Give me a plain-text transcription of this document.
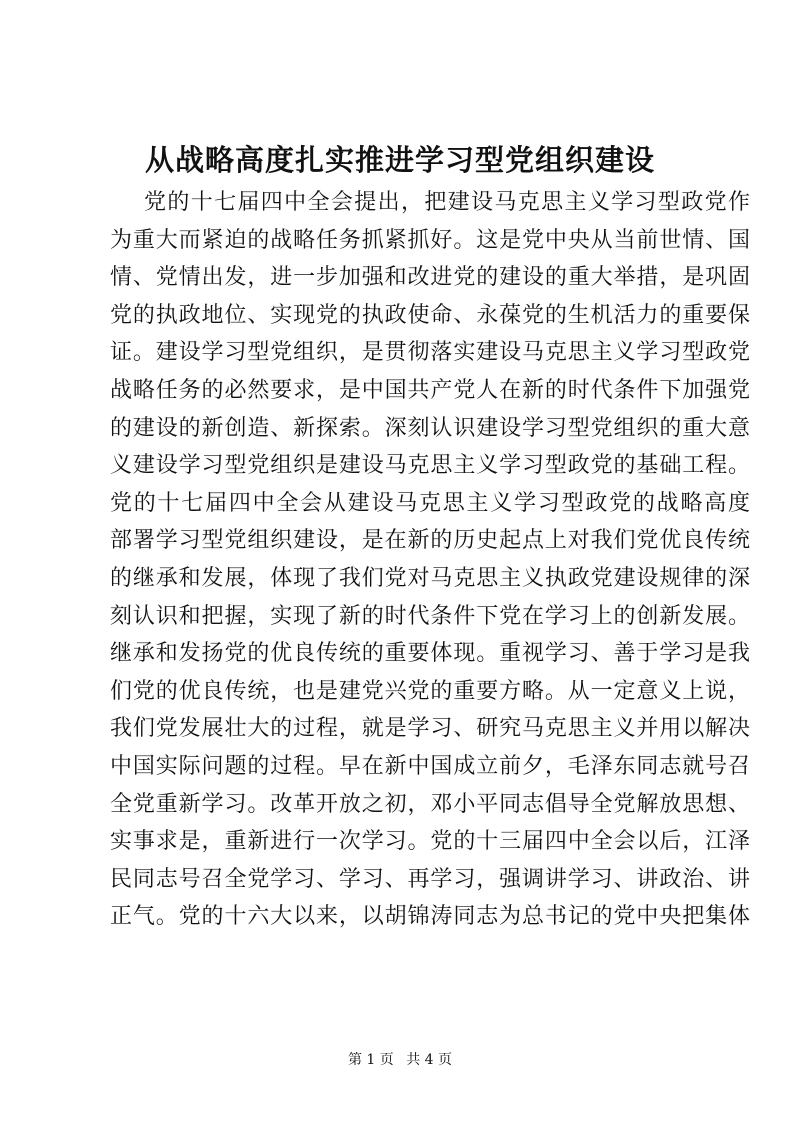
从战略高度扎实推进学习型党组织建设
党的十七届四中全会提出，把建设马克思主义学习型政党作
为重大而紧迫的战略任务抓紧抓好。这是党中央从当前世情、国
情、党情出发，进一步加强和改进党的建设的重大举措，是巩固
党的执政地位、实现党的执政使命、永葆党的生机活力的重要保
证。建设学习型党组织，是贯彻落实建设马克思主义学习型政党
战略任务的必然要求，是中国共产党人在新的时代条件下加强党
的建设的新创造、新探索。深刻认识建设学习型党组织的重大意
义建设学习型党组织是建设马克思主义学习型政党的基础工程。
党的十七届四中全会从建设马克思主义学习型政党的战略高度
部署学习型党组织建设，是在新的历史起点上对我们党优良传统
的继承和发展，体现了我们党对马克思主义执政党建设规律的深
刻认识和把握，实现了新的时代条件下党在学习上的创新发展。
继承和发扬党的优良传统的重要体现。重视学习、善于学习是我
们党的优良传统，也是建党兴党的重要方略。从一定意义上说，
我们党发展壮大的过程，就是学习、研究马克思主义并用以解决
中国实际问题的过程。早在新中国成立前夕，毛泽东同志就号召
全党重新学习。改革开放之初，邓小平同志倡导全党解放思想、
实事求是，重新进行一次学习。党的十三届四中全会以后，江泽
民同志号召全党学习、学习、再学习，强调讲学习、讲政治、讲
正气。党的十六大以来，以胡锦涛同志为总书记的党中央把集体
第 1 页 共 4 页
